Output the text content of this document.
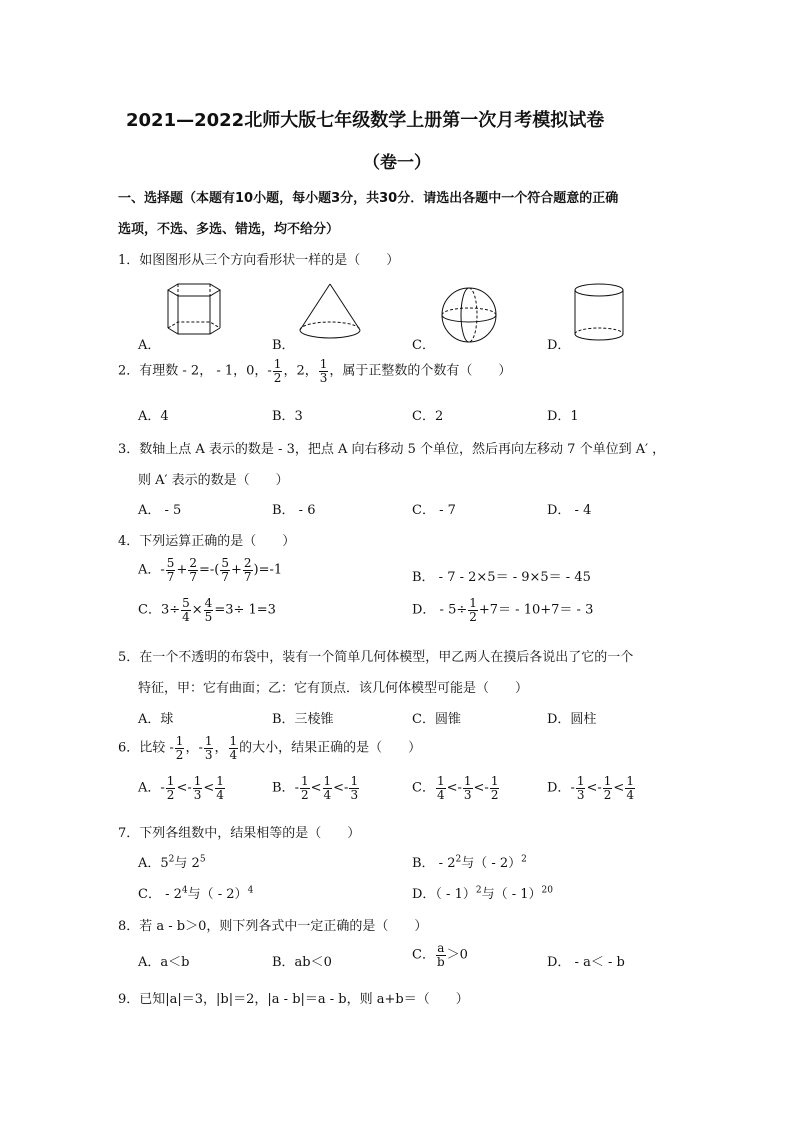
2021—2022北师大版七年级数学上册第一次月考模拟试卷
（卷一）
一、选择题（本题有10小题，每小题3分，共30分．请选出各题中一个符合题意的正确
选项，不选、多选、错选，均不给分）
1．如图图形从三个方向看形状一样的是（　　）
A．	B．	C．	D．
2．有理数 - 2， - 1，0，- $\frac{1}{2}$ ，2， $\frac{1}{3}$ ，属于正整数的个数有（　　）
A．4	B．3	C．2	D．1
3．数轴上点 A 表示的数是 - 3，把点 A 向右移动 5 个单位，然后再向左移动 7 个单位到 A′ ，
则 A′ 表示的数是（　　）
A． - 5	B． - 6	C． - 7	D． - 4
4．下列运算正确的是（　　）
A．- $\frac{5}{7} + \frac{2}{7}$ =-( $\frac{5}{7} + \frac{2}{7} )=-1$	B． - 7 - 2×5＝ - 9×5＝ - 45
C．$3\div \frac{5}{4} \times \frac{4}{5} =3\div 1=3$	D． - $5\div \frac{1}{2} +7= - 10+7= - 3$
5．在一个不透明的布袋中，装有一个简单几何体模型，甲乙两人在摸后各说出了它的一个
特征，甲：它有曲面；乙：它有顶点．该几何体模型可能是（　　）
A．球	B．三棱锥	C．圆锥	D．圆柱
6．比较 - $\frac{1}{2}$ ，- $\frac{1}{3}$ ， $\frac{1}{4}$ 的大小，结果正确的是（　　）
A．- $\frac{1}{2} <- \frac{1}{3} < \frac{1}{4}$	B．- $\frac{1}{2} < \frac{1}{4} <- \frac{1}{3}$	C． $\frac{1}{4} <- \frac{1}{3} <- \frac{1}{2}$	D．- $\frac{1}{3} <- \frac{1}{2} < \frac{1}{4}$
7．下列各组数中，结果相等的是（　　）
A．$5^2$与 $2^5$	B． - $2^2$与（ - 2）$^2$
C． - $2^4$与（ - 2）$^4$	D．（ - 1）$^2$与（ - 1）$^{20}$
8．若 a - b＞0，则下列各式中一定正确的是（　　）
A．a＜b	B．ab＜0	C． $\frac{a}{b} >0$	D． - a＜ - b
9．已知|a|＝3，|b|＝2，|a - b|＝a - b，则 a+b＝（　　）
